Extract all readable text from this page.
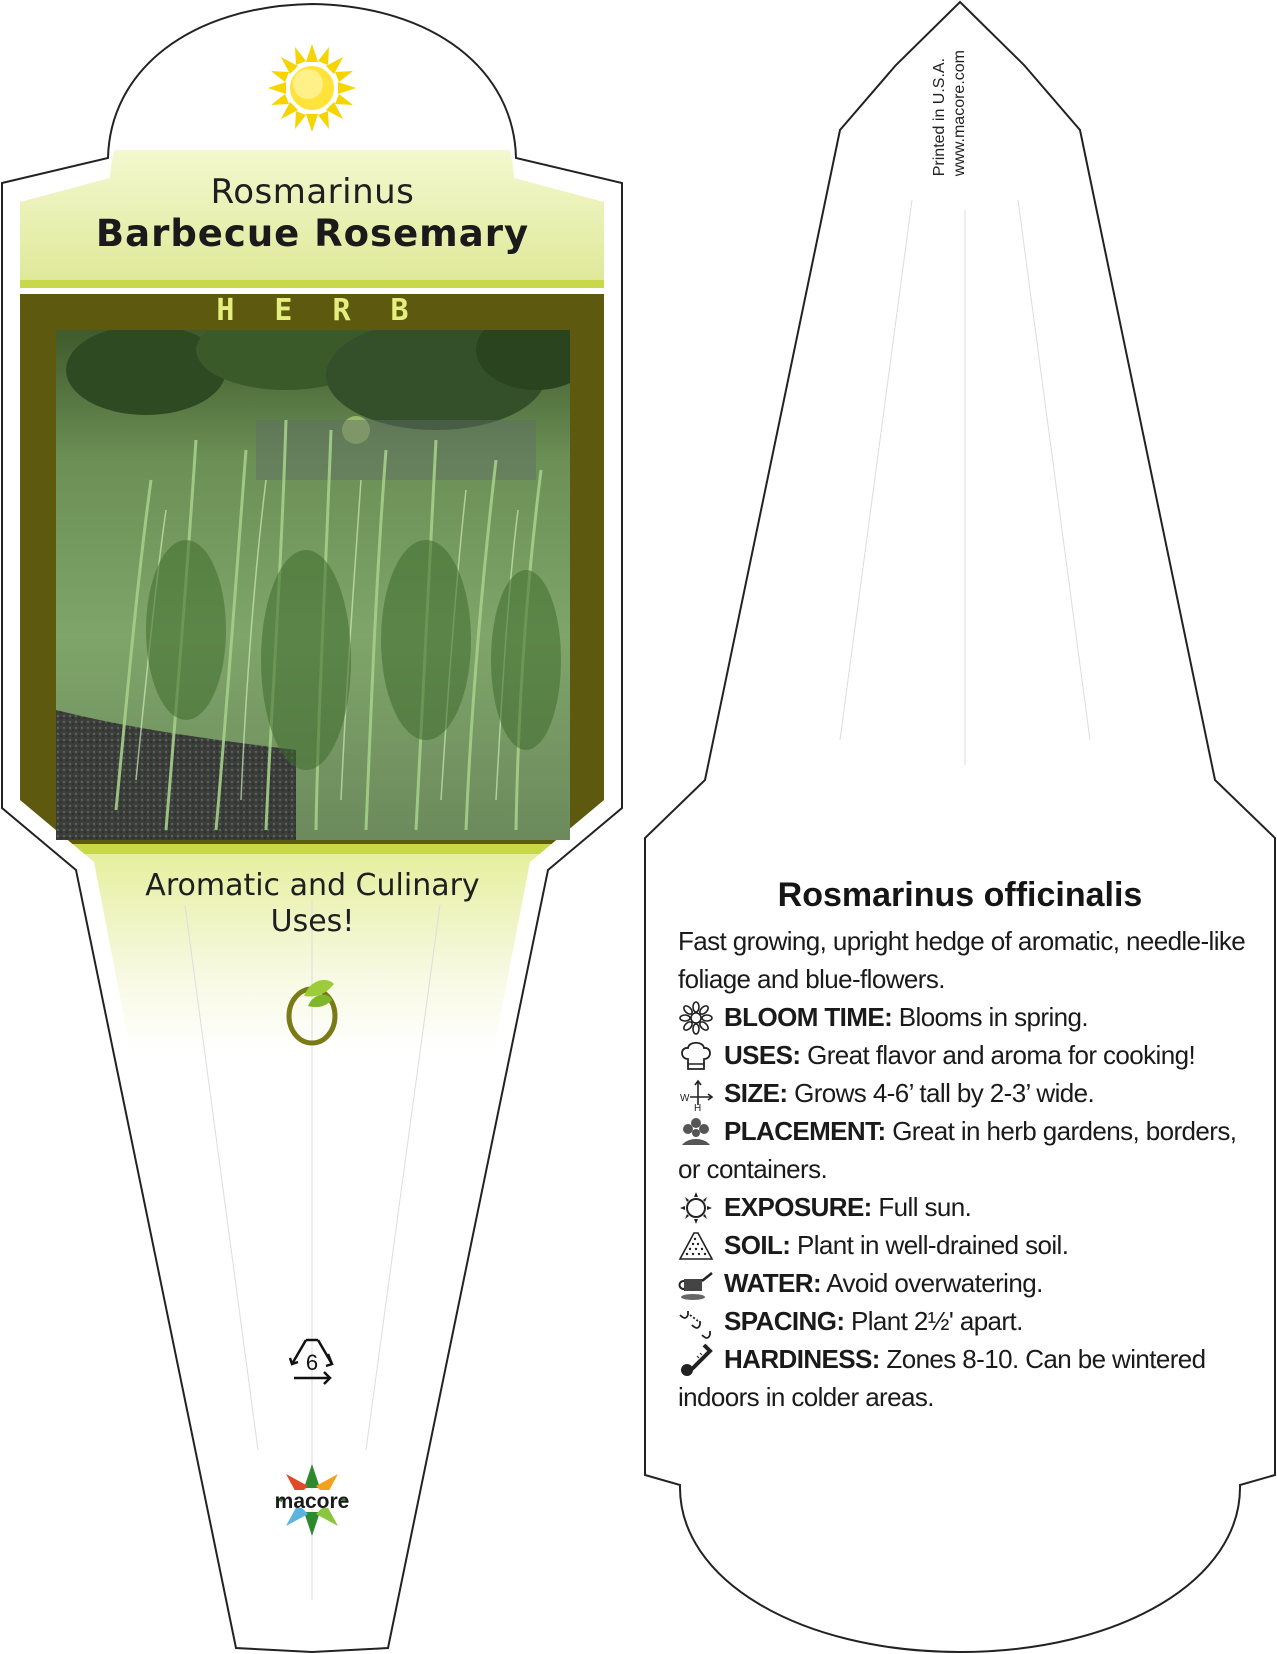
Rosmarinus
Barbecue Rosemary
HERB
Aromatic and Culinary Uses!
6
macore
Printed in U.S.A. www.macore.com
Rosmarinus officinalis

Fast growing, upright hedge of aromatic, needle-like foliage and blue-flowers.

BLOOM TIME: Blooms in spring.

USES: Great flavor and aroma for cooking!

W
H
SIZE: Grows 4-6’ tall by 2-3’ wide.

PLACEMENT: Great in herb gardens, borders, or containers.

EXPOSURE: Full sun.

SOIL: Plant in well-drained soil.

WATER: Avoid overwatering.

SPACING: Plant 2½' apart.

HARDINESS: Zones 8-10. Can be wintered indoors in colder areas.
